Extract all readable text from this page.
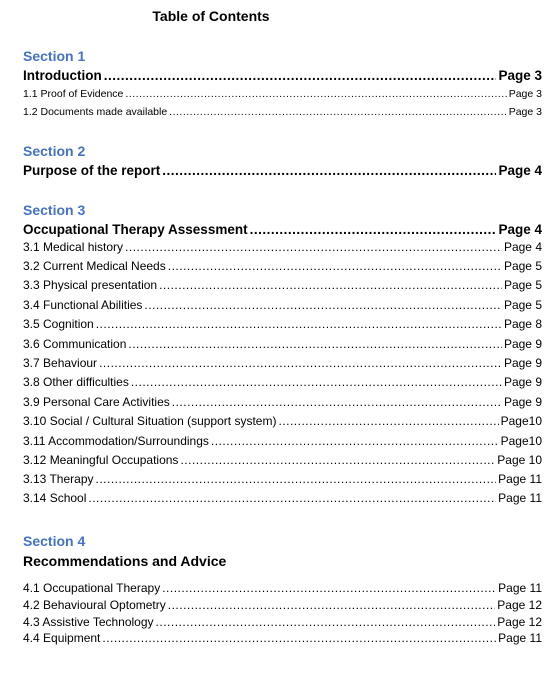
Table of Contents
Section 1
Introduction .....	Page 3
1.1 Proof of Evidence .....	Page 3
1.2 Documents made available .....	Page 3
Section 2
Purpose of the report .....	Page 4
Section 3
Occupational Therapy Assessment .....	Page 4
3.1 Medical history .....	Page 4
3.2 Current Medical Needs .....	Page 5
3.3 Physical presentation .....	Page 5
3.4 Functional Abilities .....	Page 5
3.5 Cognition .....	Page 8
3.6 Communication .....	Page 9
3.7 Behaviour .....	Page 9
3.8 Other difficulties .....	Page 9
3.9 Personal Care Activities .....	Page 9
3.10 Social / Cultural Situation (support system) .....	Page10
3.11 Accommodation/Surroundings .....	Page10
3.12 Meaningful Occupations .....	Page 10
3.13 Therapy .....	Page 11
3.14 School .....	Page 11
Section 4
Recommendations and Advice
4.1 Occupational Therapy .....	Page 11
4.2 Behavioural Optometry .....	Page 12
4.3 Assistive Technology .....	Page 12
4.4 Equipment .....	Page 11
